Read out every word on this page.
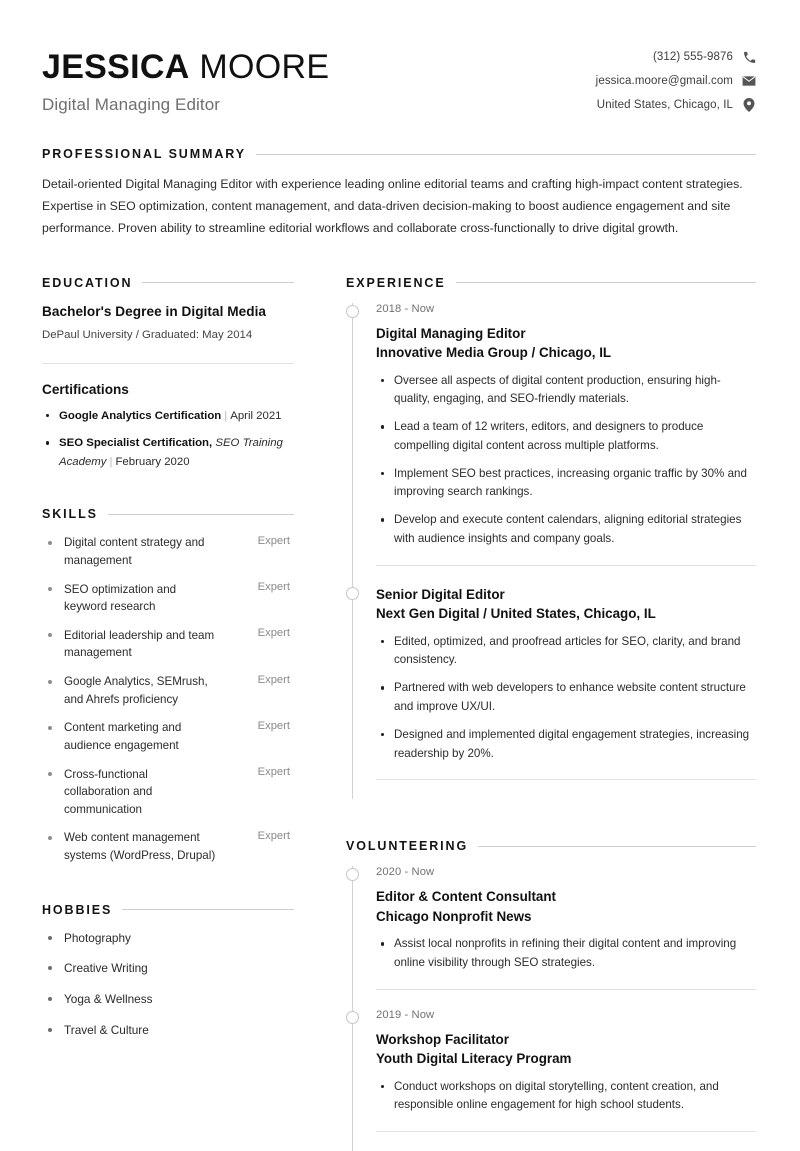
JESSICA MOORE
Digital Managing Editor
(312) 555-9876
jessica.moore@gmail.com
United States, Chicago, IL
PROFESSIONAL SUMMARY

Detail-oriented Digital Managing Editor with experience leading online editorial teams and crafting high-impact content strategies. Expertise in SEO optimization, content management, and data-driven decision-making to boost audience engagement and site performance. Proven ability to streamline editorial workflows and collaborate cross-functionally to drive digital growth.

EDUCATION
Bachelor's Degree in Digital Media
DePaul University / Graduated: May 2014
Certifications
Google Analytics Certification | April 2021
SEO Specialist Certification, SEO Training Academy | February 2020
SKILLS
Digital content strategy and management
Expert
SEO optimization and keyword research
Expert
Editorial leadership and team management
Expert
Google Analytics, SEMrush, and Ahrefs proficiency
Expert
Content marketing and audience engagement
Expert
Cross-functional collaboration and communication
Expert
Web content management systems (WordPress, Drupal)
Expert
HOBBIES
Photography
Creative Writing
Yoga & Wellness
Travel & Culture
EXPERIENCE
2018 - Now
Digital Managing Editor
Innovative Media Group / Chicago, IL
Oversee all aspects of digital content production, ensuring high-quality, engaging, and SEO-friendly materials.
Lead a team of 12 writers, editors, and designers to produce compelling digital content across multiple platforms.
Implement SEO best practices, increasing organic traffic by 30% and improving search rankings.
Develop and execute content calendars, aligning editorial strategies with audience insights and company goals.
Senior Digital Editor
Next Gen Digital / United States, Chicago, IL
Edited, optimized, and proofread articles for SEO, clarity, and brand consistency.
Partnered with web developers to enhance website content structure and improve UX/UI.
Designed and implemented digital engagement strategies, increasing readership by 20%.
VOLUNTEERING
2020 - Now
Editor & Content Consultant
Chicago Nonprofit News
Assist local nonprofits in refining their digital content and improving online visibility through SEO strategies.
2019 - Now
Workshop Facilitator
Youth Digital Literacy Program
Conduct workshops on digital storytelling, content creation, and responsible online engagement for high school students.
